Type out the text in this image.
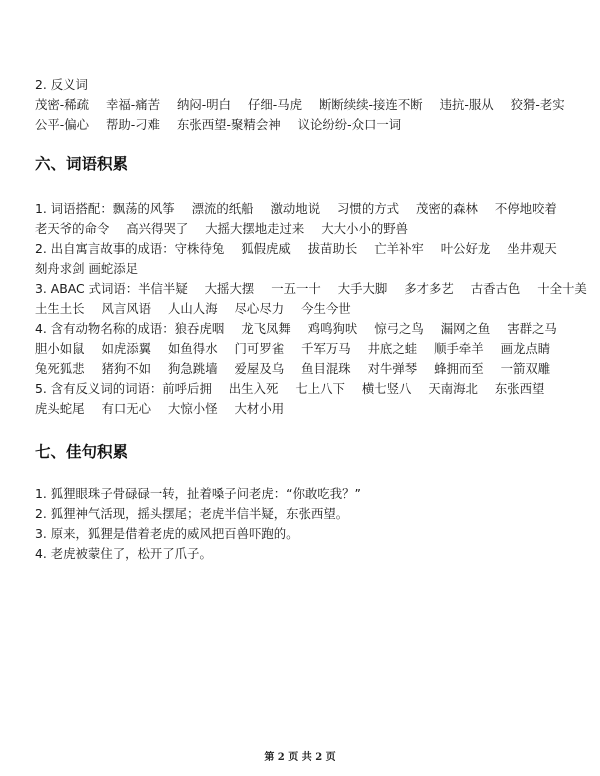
2. 反义词
茂密-稀疏 幸福-痛苦 纳闷-明白 仔细-马虎 断断续续-接连不断 违抗-服从 狡猾-老实
公平-偏心 帮助-刁难 东张西望-聚精会神 议论纷纷-众口一词
六、词语积累
1. 词语搭配：飘荡的风筝 漂流的纸船 激动地说 习惯的方式 茂密的森林 不停地咬着
老天爷的命令 高兴得哭了 大摇大摆地走过来 大大小小的野兽
2. 出自寓言故事的成语：守株待兔 狐假虎威 拔苗助长 亡羊补牢 叶公好龙 坐井观天
刻舟求剑 画蛇添足
3. ABAC 式词语：半信半疑 大摇大摆 一五一十 大手大脚 多才多艺 古香古色 十全十美
土生土长 风言风语 人山人海 尽心尽力 今生今世
4. 含有动物名称的成语：狼吞虎咽 龙飞凤舞 鸡鸣狗吠 惊弓之鸟 漏网之鱼 害群之马
胆小如鼠 如虎添翼 如鱼得水 门可罗雀 千军万马 井底之蛙 顺手牵羊 画龙点睛
兔死狐悲 猪狗不如 狗急跳墙 爱屋及乌 鱼目混珠 对牛弹琴 蜂拥而至 一箭双雕
5. 含有反义词的词语：前呼后拥 出生入死 七上八下 横七竖八 天南海北 东张西望
虎头蛇尾 有口无心 大惊小怪 大材小用
七、佳句积累
1. 狐狸眼珠子骨碌碌一转，扯着嗓子问老虎：“你敢吃我？”
2. 狐狸神气活现，摇头摆尾；老虎半信半疑，东张西望。
3. 原来，狐狸是借着老虎的威风把百兽吓跑的。
4. 老虎被蒙住了，松开了爪子。
第 2 页 共 2 页
